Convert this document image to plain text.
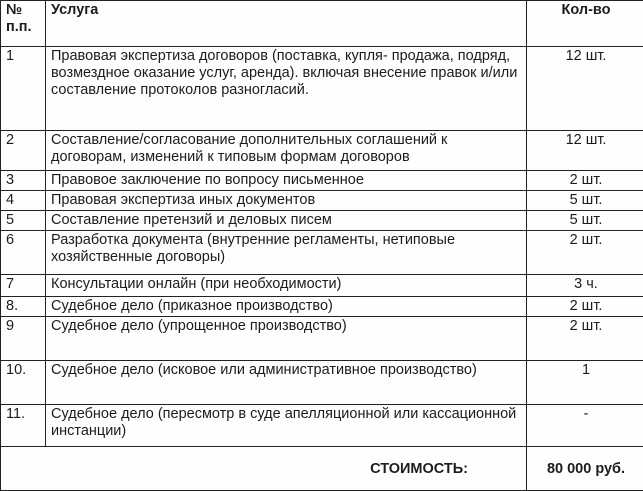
№ п.п.	Услуга	Кол-во
1	Правовая экспертиза договоров (поставка, купля- продажа, подряд, возмездное оказание услуг, аренда). включая внесение правок и/или составление протоколов разногласий.	12 шт.
2	Составление/согласование дополнительных соглашений к договорам, изменений к типовым формам договоров	12 шт.
3	Правовое заключение по вопросу письменное	2 шт.
4	Правовая экспертиза иных документов	5 шт.
5	Составление претензий и деловых писем	5 шт.
6	Разработка документа (внутренние регламенты, нетиповые хозяйственные договоры)	2 шт.
7	Консультации онлайн (при необходимости)	3 ч.
8.	Судебное дело (приказное производство)	2 шт.
9	Судебное дело (упрощенное производство)	2 шт.
10.	Судебное дело (исковое или административное производство)	1
11.	Судебное дело (пересмотр в суде апелляционной или кассационной инстанции)	-
СТОИМОСТЬ:		80 000 руб.
